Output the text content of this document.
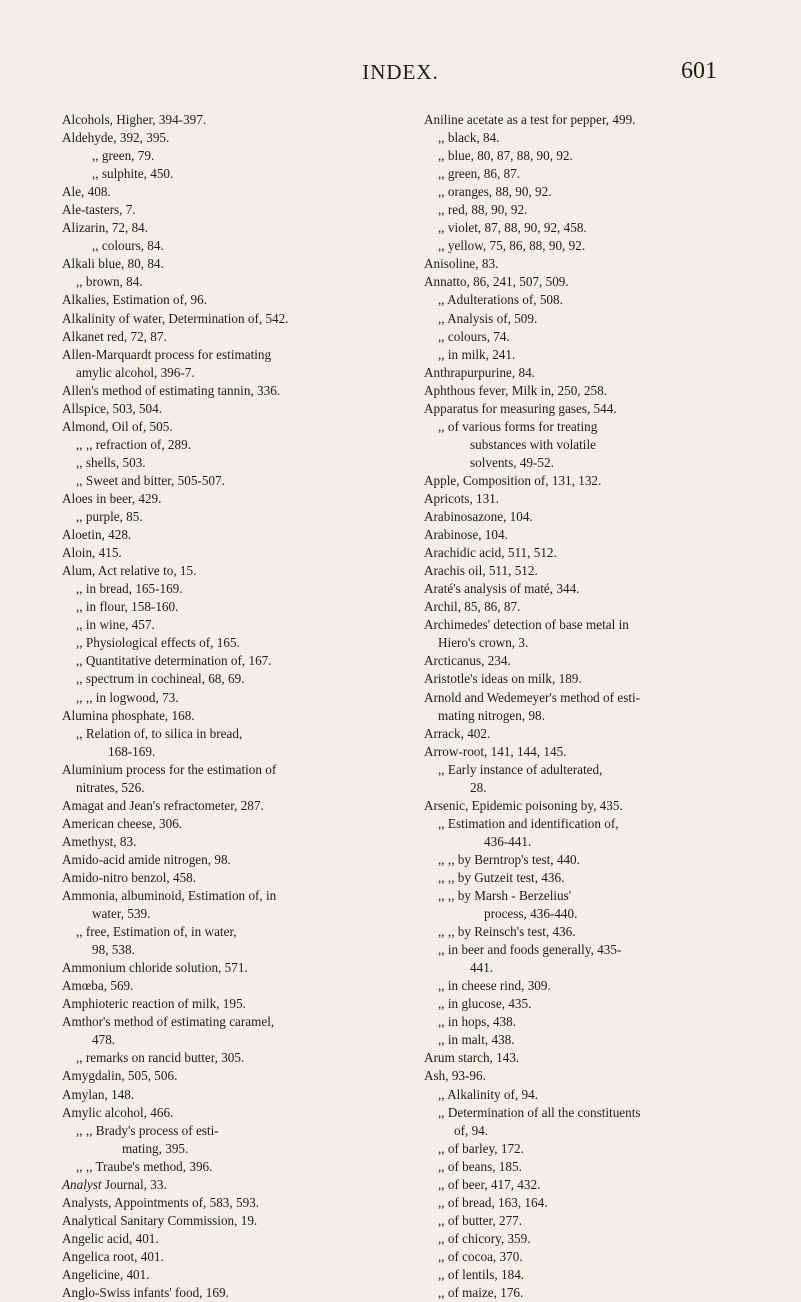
INDEX.	601
Alcohols, Higher, 394-397.
Aldehyde, 392, 395.
,, green, 79.
,, sulphite, 450.
Ale, 408.
Ale-tasters, 7.
Alizarin, 72, 84.
,, colours, 84.
Alkali blue, 80, 84.
,, brown, 84.
Alkalies, Estimation of, 96.
Alkalinity of water, Determination of, 542.
Alkanet red, 72, 87.
Allen-Marquardt process for estimating
amylic alcohol, 396-7.
Allen's method of estimating tannin, 336.
Allspice, 503, 504.
Almond, Oil of, 505.
,, ,, refraction of, 289.
,, shells, 503.
,, Sweet and bitter, 505-507.
Aloes in beer, 429.
,, purple, 85.
Aloetin, 428.
Aloin, 415.
Alum, Act relative to, 15.
,, in bread, 165-169.
,, in flour, 158-160.
,, in wine, 457.
,, Physiological effects of, 165.
,, Quantitative determination of, 167.
,, spectrum in cochineal, 68, 69.
,, ,, in logwood, 73.
Alumina phosphate, 168.
,, Relation of, to silica in bread,
168-169.
Aluminium process for the estimation of
nitrates, 526.
Amagat and Jean's refractometer, 287.
American cheese, 306.
Amethyst, 83.
Amido-acid amide nitrogen, 98.
Amido-nitro benzol, 458.
Ammonia, albuminoid, Estimation of, in
water, 539.
,, free, Estimation of, in water,
98, 538.
Ammonium chloride solution, 571.
Amœba, 569.
Amphioteric reaction of milk, 195.
Amthor's method of estimating caramel,
478.
,, remarks on rancid butter, 305.
Amygdalin, 505, 506.
Amylan, 148.
Amylic alcohol, 466.
,, ,, Brady's process of esti-
mating, 395.
,, ,, Traube's method, 396.
Analyst Journal, 33.
Analysts, Appointments of, 583, 593.
Analytical Sanitary Commission, 19.
Angelic acid, 401.
Angelica root, 401.
Angelicine, 401.
Anglo-Swiss infants' food, 169.
Aniline acetate as a test for pepper, 499.
,, black, 84.
,, blue, 80, 87, 88, 90, 92.
,, green, 86, 87.
,, oranges, 88, 90, 92.
,, red, 88, 90, 92.
,, violet, 87, 88, 90, 92, 458.
,, yellow, 75, 86, 88, 90, 92.
Anisoline, 83.
Annatto, 86, 241, 507, 509.
,, Adulterations of, 508.
,, Analysis of, 509.
,, colours, 74.
,, in milk, 241.
Anthrapurpurine, 84.
Aphthous fever, Milk in, 250, 258.
Apparatus for measuring gases, 544.
,, of various forms for treating
substances with volatile
solvents, 49-52.
Apple, Composition of, 131, 132.
Apricots, 131.
Arabinosazone, 104.
Arabinose, 104.
Arachidic acid, 511, 512.
Arachis oil, 511, 512.
Araté's analysis of maté, 344.
Archil, 85, 86, 87.
Archimedes' detection of base metal in
Hiero's crown, 3.
Arcticanus, 234.
Aristotle's ideas on milk, 189.
Arnold and Wedemeyer's method of esti-
mating nitrogen, 98.
Arrack, 402.
Arrow-root, 141, 144, 145.
,, Early instance of adulterated,
28.
Arsenic, Epidemic poisoning by, 435.
,, Estimation and identification of,
436-441.
,, ,, by Berntrop's test, 440.
,, ,, by Gutzeit test, 436.
,, ,, by Marsh - Berzelius'
process, 436-440.
,, ,, by Reinsch's test, 436.
,, in beer and foods generally, 435-
441.
,, in cheese rind, 309.
,, in glucose, 435.
,, in hops, 438.
,, in malt, 438.
Arum starch, 143.
Ash, 93-96.
,, Alkalinity of, 94.
,, Determination of all the constituents
of, 94.
,, of barley, 172.
,, of beans, 185.
,, of beer, 417, 432.
,, of bread, 163, 164.
,, of butter, 277.
,, of chicory, 359.
,, of cocoa, 370.
,, of lentils, 184.
,, of maize, 176.
